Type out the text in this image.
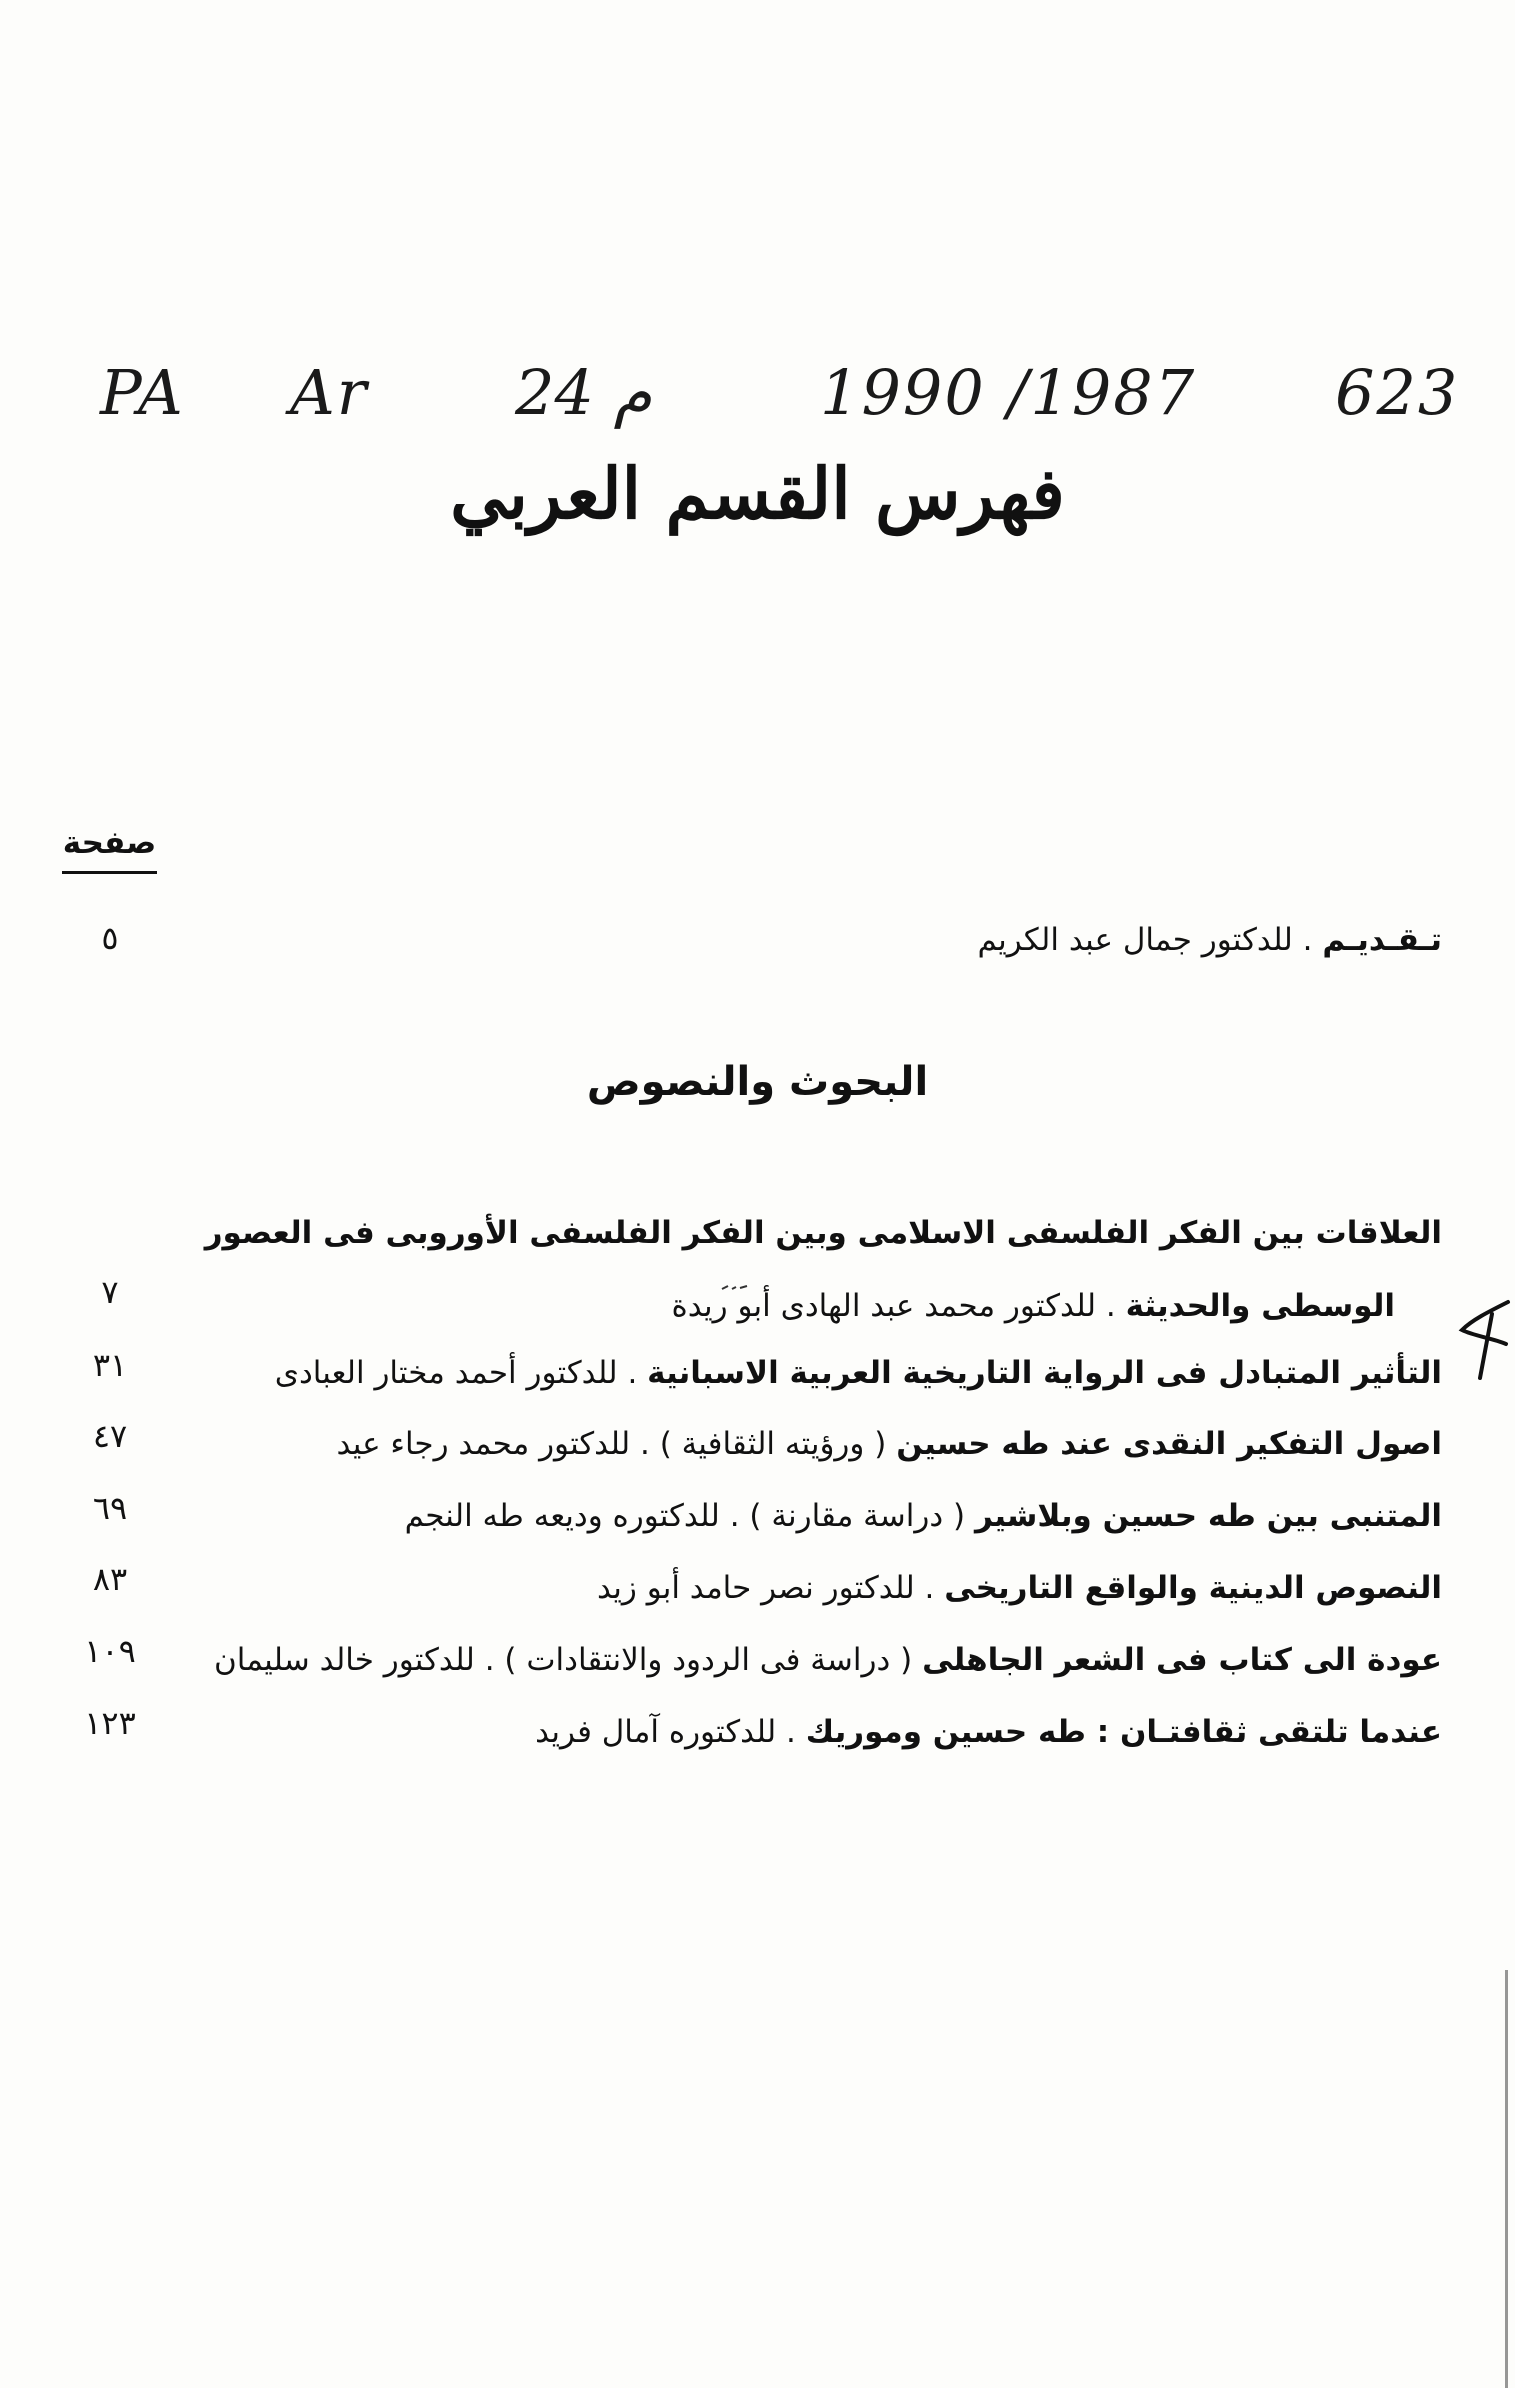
PA Ar 24 م	1990 /1987 623
فهرس القسم العربي
صفحة
تـقـديـم . للدكتور جمال عبد الكريم
٥
البحوث والنصوص
العلاقات بين الفكر الفلسفى الاسلامى وبين الفكر الفلسفى الأوروبى فى العصور
الوسطى والحديثة . للدكتور محمد عبد الهادى أبو ريدة
٧
التأثير المتبادل فى الرواية التاريخية العربية الاسبانية . للدكتور أحمد مختار العبادى
٣١
اصول التفكير النقدى عند طه حسين ( ورؤيته الثقافية ) . للدكتور محمد رجاء عيد
٤٧
المتنبى بين طه حسين وبلاشير ( دراسة مقارنة ) . للدكتوره وديعه طه النجم
٦٩
النصوص الدينية والواقع التاريخى . للدكتور نصر حامد أبو زيد
٨٣
عودة الى كتاب فى الشعر الجاهلى ( دراسة فى الردود والانتقادات ) . للدكتور خالد سليمان
١٠٩
عندما تلتقى ثقافتـان : طه حسين وموريك . للدكتوره آمال فريد
١٢٣
